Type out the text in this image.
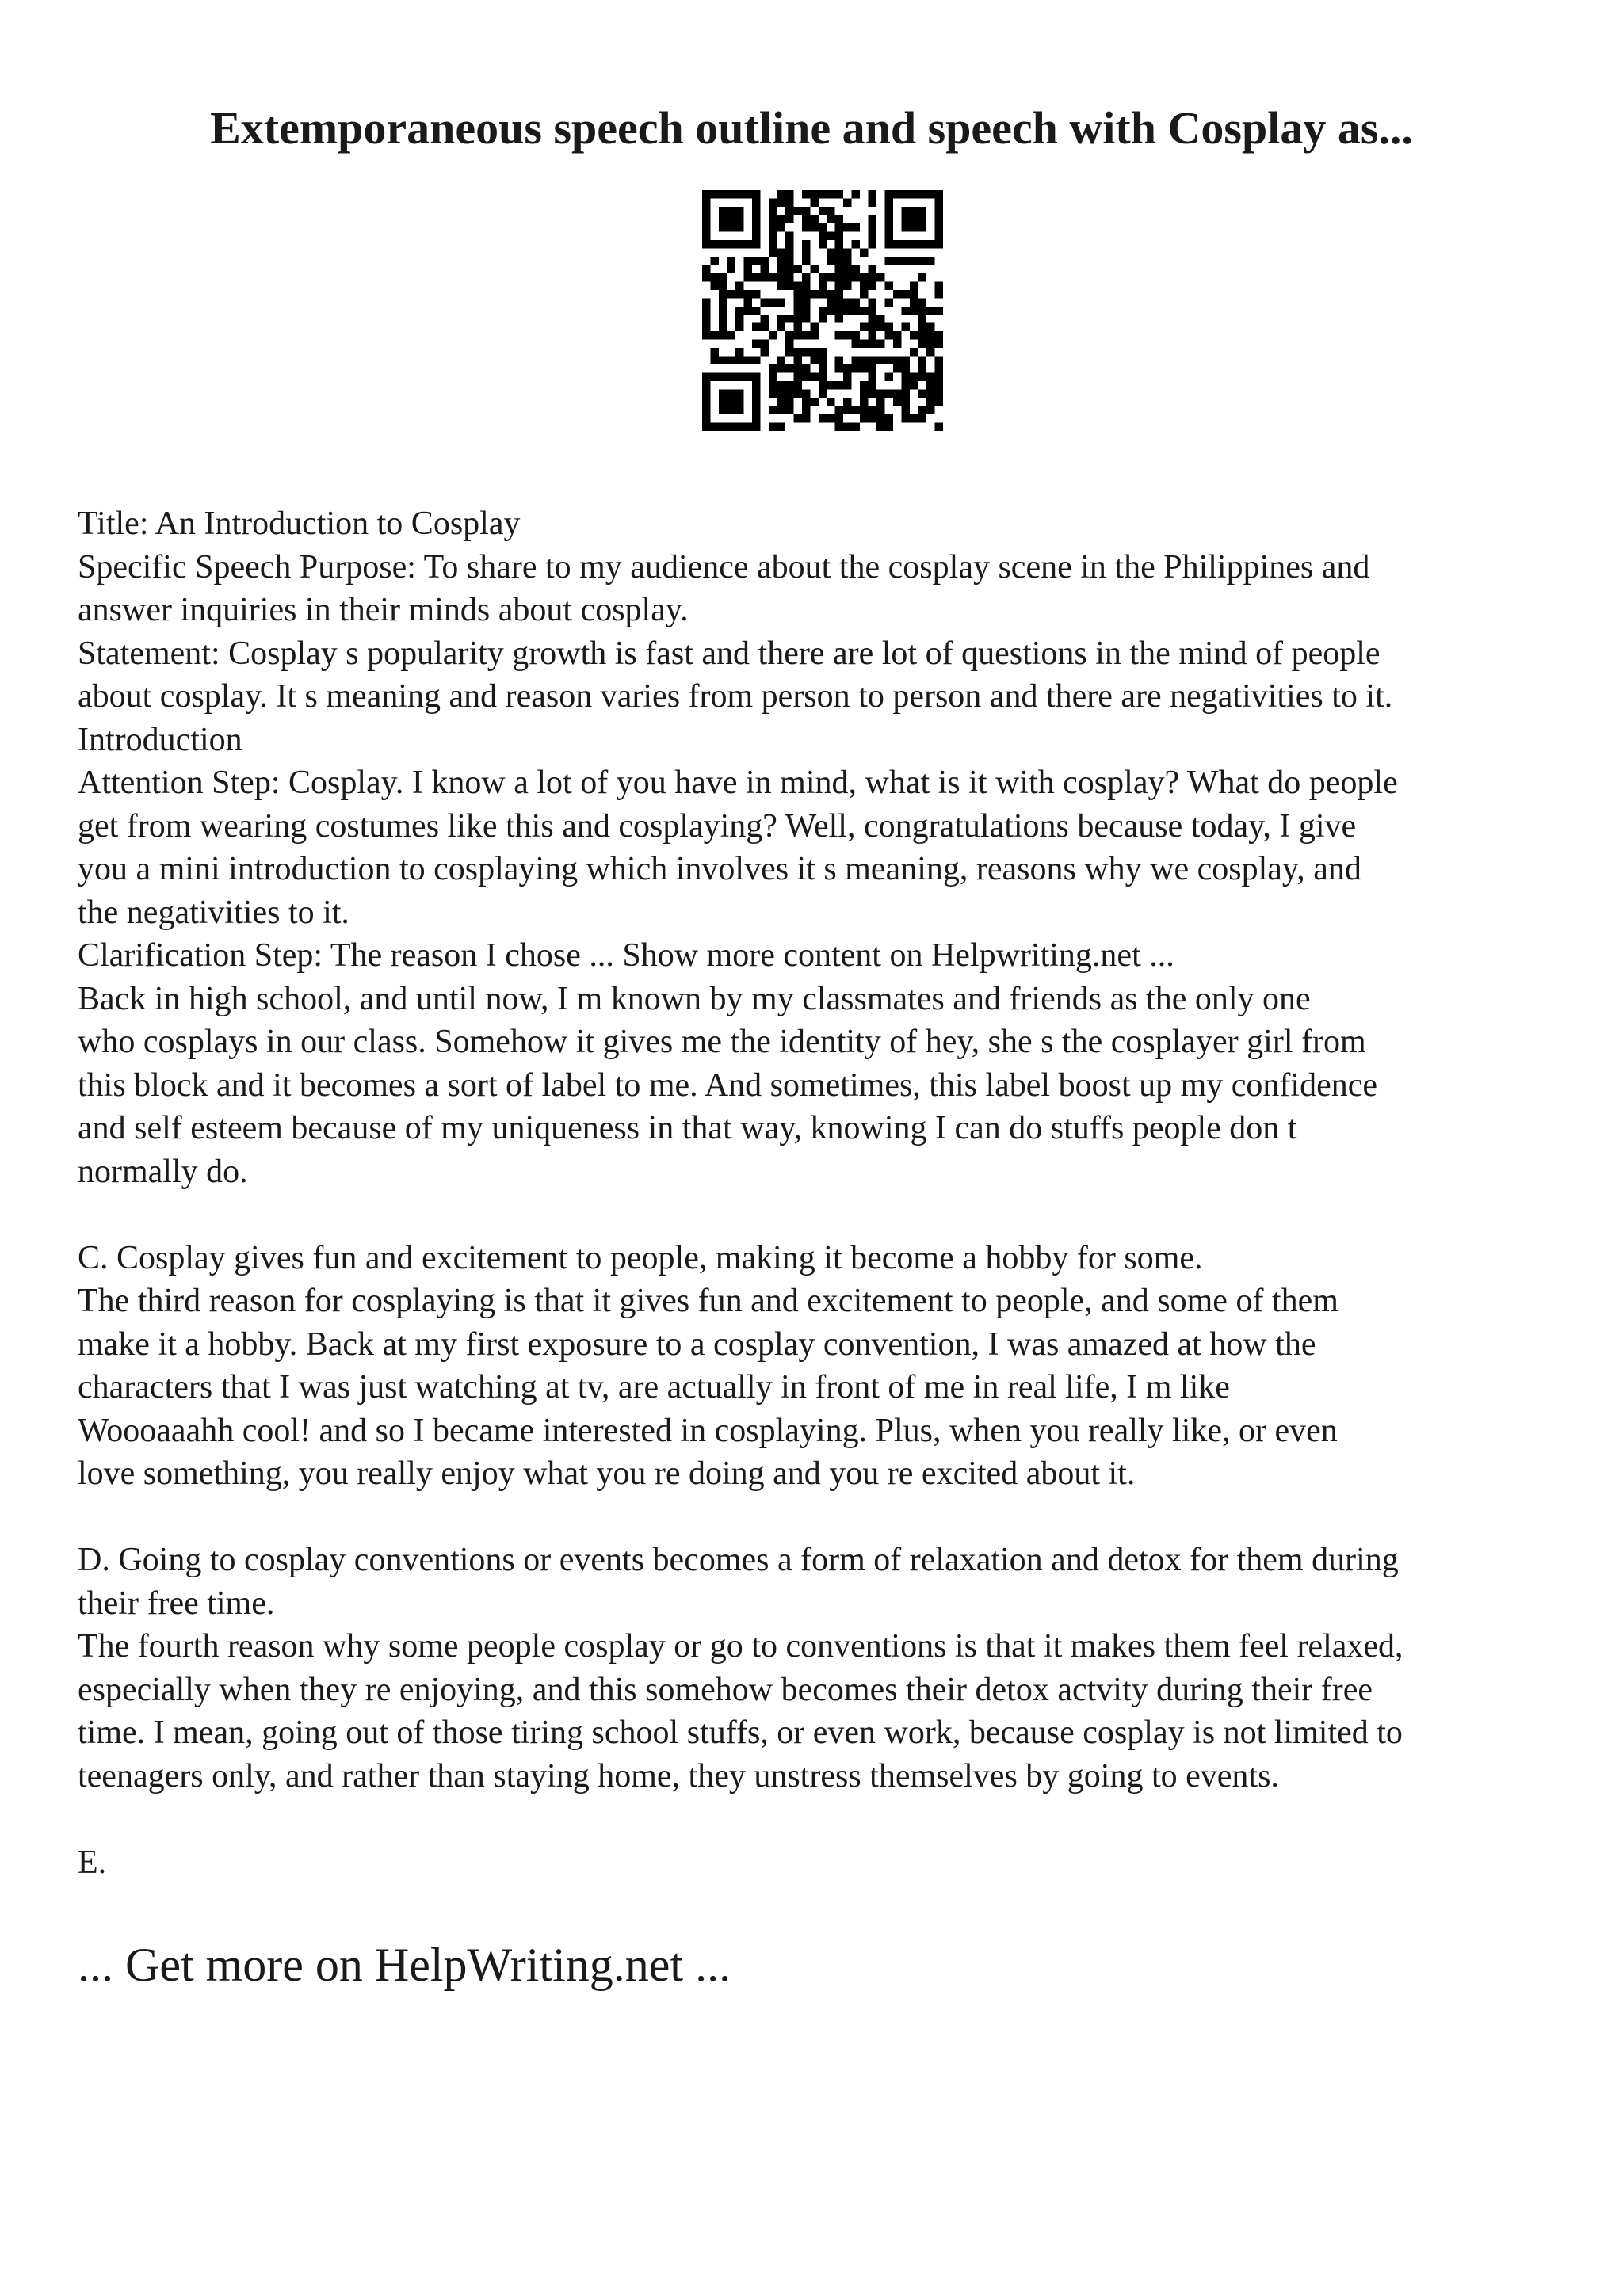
Extemporaneous speech outline and speech with Cosplay as...

Title: An Introduction to Cosplay

Specific Speech Purpose: To share to my audience about the cosplay scene in the Philippines and

answer inquiries in their minds about cosplay.

Statement: Cosplay s popularity growth is fast and there are lot of questions in the mind of people

about cosplay. It s meaning and reason varies from person to person and there are negativities to it.

Introduction

Attention Step: Cosplay. I know a lot of you have in mind, what is it with cosplay? What do people

get from wearing costumes like this and cosplaying? Well, congratulations because today, I give

you a mini introduction to cosplaying which involves it s meaning, reasons why we cosplay, and

the negativities to it.

Clarification Step: The reason I chose ... Show more content on Helpwriting.net ...

Back in high school, and until now, I m known by my classmates and friends as the only one

who cosplays in our class. Somehow it gives me the identity of hey, she s the cosplayer girl from

this block and it becomes a sort of label to me. And sometimes, this label boost up my confidence

and self esteem because of my uniqueness in that way, knowing I can do stuffs people don t

normally do.

C. Cosplay gives fun and excitement to people, making it become a hobby for some.

The third reason for cosplaying is that it gives fun and excitement to people, and some of them

make it a hobby. Back at my first exposure to a cosplay convention, I was amazed at how the

characters that I was just watching at tv, are actually in front of me in real life, I m like

Woooaaahh cool! and so I became interested in cosplaying. Plus, when you really like, or even

love something, you really enjoy what you re doing and you re excited about it.

D. Going to cosplay conventions or events becomes a form of relaxation and detox for them during

their free time.

The fourth reason why some people cosplay or go to conventions is that it makes them feel relaxed,

especially when they re enjoying, and this somehow becomes their detox actvity during their free

time. I mean, going out of those tiring school stuffs, or even work, because cosplay is not limited to

teenagers only, and rather than staying home, they unstress themselves by going to events.

E.

... Get more on HelpWriting.net ...
